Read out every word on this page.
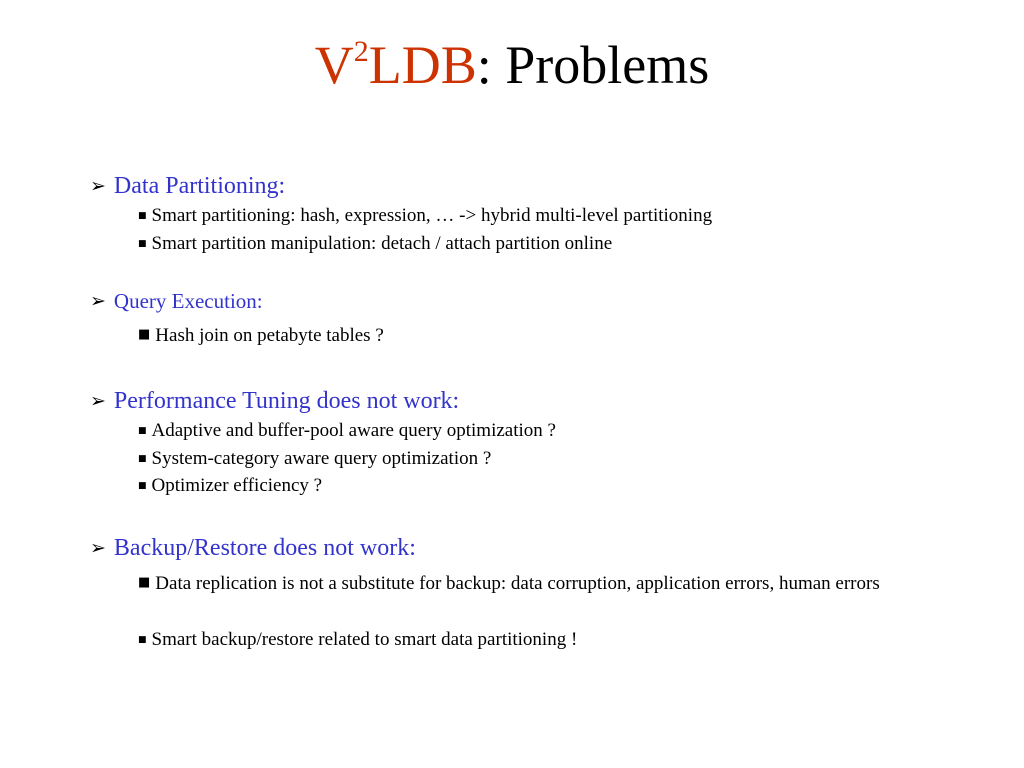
$V^2LDB$: Problems
➢ Data Partitioning:
■ Smart partitioning: hash, expression, … -> hybrid multi-level partitioning
■ Smart partition manipulation: detach / attach partition online
➢ Query Execution:
■ Hash join on petabyte tables ?
➢ Performance Tuning does not work:
■ Adaptive and buffer-pool aware query optimization ?
■ System-category aware query optimization ?
■ Optimizer efficiency ?
➢ Backup/Restore does not work:
■ Data replication is not a substitute for backup: data corruption, application errors, human errors
■ Smart backup/restore related to smart data partitioning !
